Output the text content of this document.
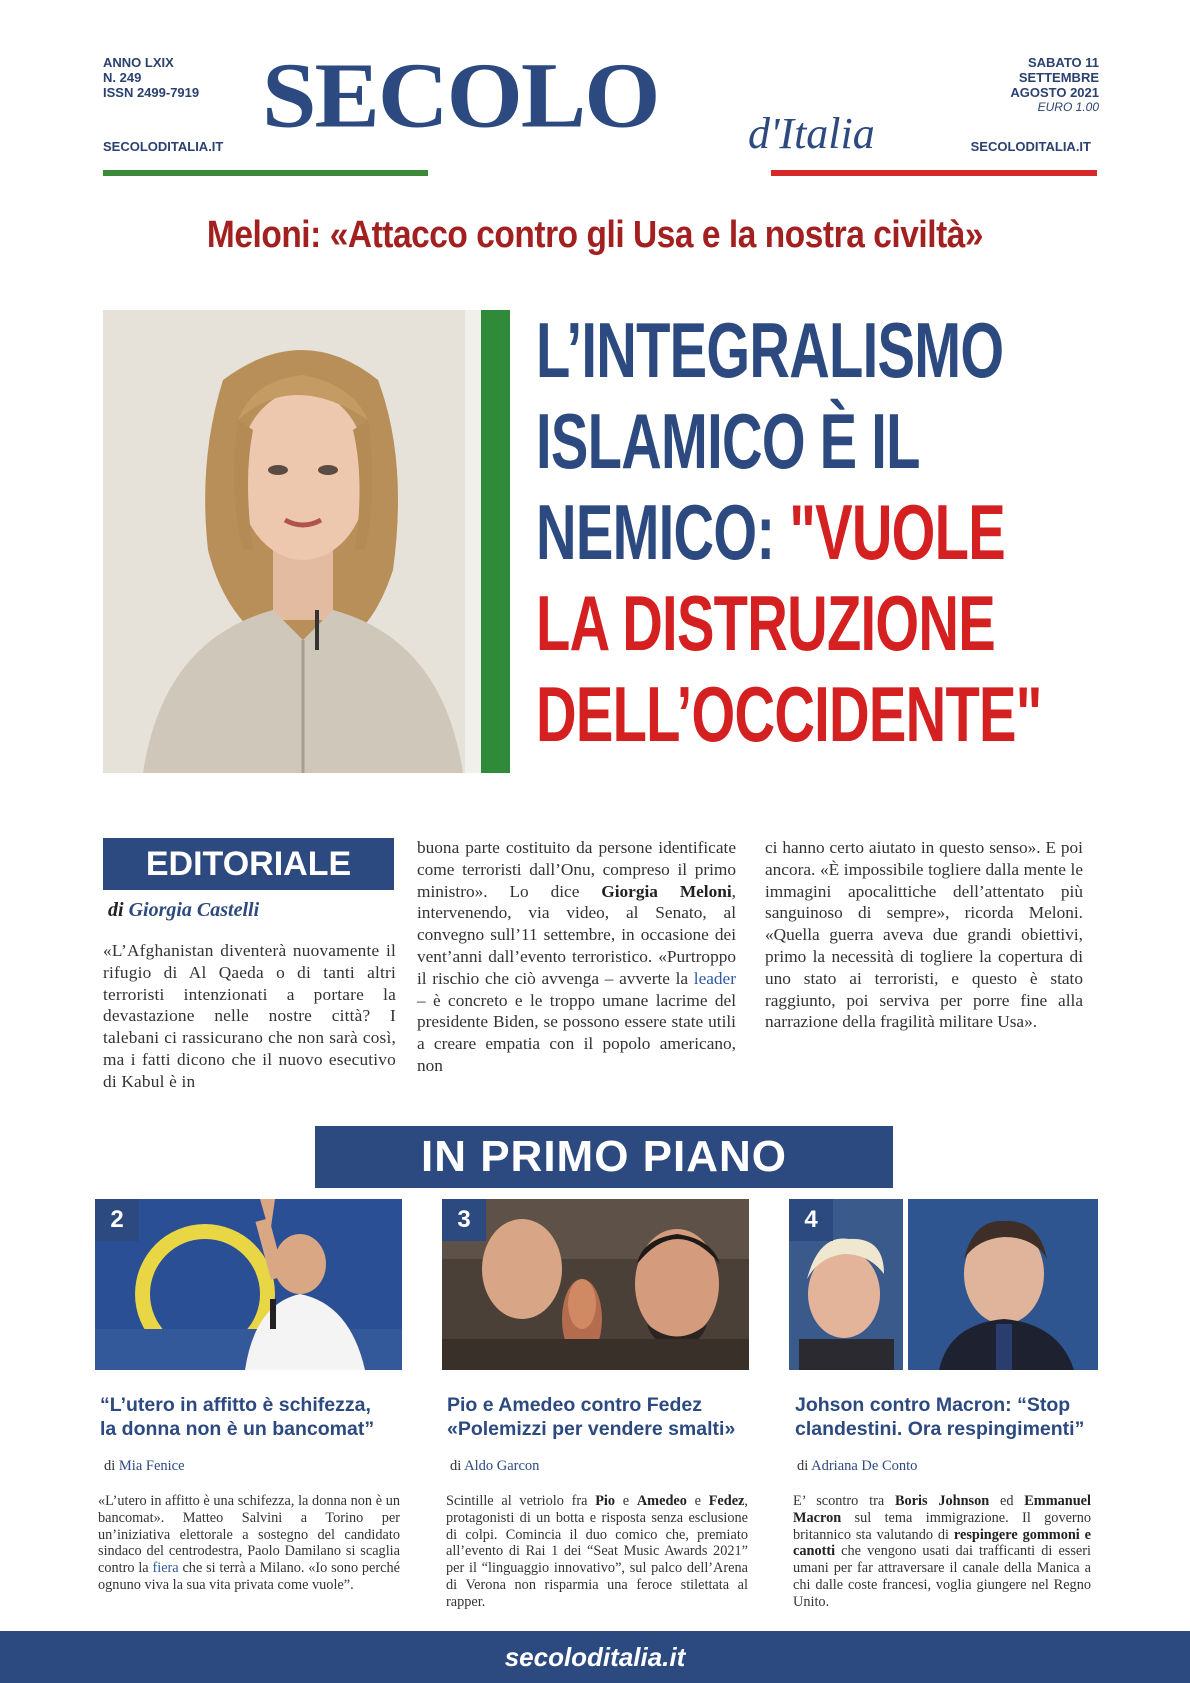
ANNO LXIX
N. 249
ISSN 2499-7919
SECOLODITALIA.IT SECOLO d'Italia
SABATO 11
SETTEMBRE
AGOSTO 2021
EURO 1.00
SECOLODITALIA.IT
Meloni: «Attacco contro gli Usa e la nostra civiltà»
L’INTEGRALISMO
ISLAMICO È IL
NEMICO: "VUOLE
LA DISTRUZIONE
DELL’OCCIDENTE"
EDITORIALE
di Giorgia Castelli
«L’Afghanistan diventerà nuovamente il rifugio di Al Qaeda o di tanti altri terroristi intenzionati a portare la devastazione nelle nostre città? I talebani ci rassicurano che non sarà così, ma i fatti dicono che il nuovo esecutivo di Kabul è in
buona parte costituito da persone identificate come terroristi dall’Onu, compreso il primo ministro». Lo dice Giorgia Meloni, intervenendo, via video, al Senato, al convegno sull’11 settembre, in occasione dei vent’anni dall’evento terroristico. «Purtroppo il rischio che ciò avvenga – avverte la leader – è concreto e le troppo umane lacrime del presidente Biden, se possono essere state utili a creare empatia con il popolo americano, non
ci hanno certo aiutato in questo senso». E poi ancora. «È impossibile togliere dalla mente le immagini apocalittiche dell’attentato più sanguinoso di sempre», ricorda Meloni. «Quella guerra aveva due grandi obiettivi, primo la necessità di togliere la copertura di uno stato ai terroristi, e questo è stato raggiunto, poi serviva per porre fine alla narrazione della fragilità militare Usa».
IN PRIMO PIANO
2
“L’utero in affitto è schifezza,
la donna non è un bancomat”
di Mia Fenice
«L’utero in affitto è una schifezza, la donna non è un bancomat». Matteo Salvini a Torino per un’iniziativa elettorale a sostegno del candidato sindaco del centrodestra, Paolo Damilano si scaglia contro la fiera che si terrà a Milano. «Io sono perché ognuno viva la sua vita privata come vuole”.
3
Pio e Amedeo contro Fedez
«Polemizzi per vendere smalti»
di Aldo Garcon
Scintille al vetriolo fra Pio e Amedeo e Fedez, protagonisti di un botta e risposta senza esclusione di colpi. Comincia il duo comico che, premiato all’evento di Rai 1 dei “Seat Music Awards 2021” per il “linguaggio innovativo”, sul palco dell’Arena di Verona non risparmia una feroce stilettata al rapper.
4
Johson contro Macron: “Stop
clandestini. Ora respingimenti”
di Adriana De Conto
E’ scontro tra Boris Johnson ed Emmanuel Macron sul tema immigrazione. Il governo britannico sta valutando di respingere gommoni e canotti che vengono usati dai trafficanti di esseri umani per far attraversare il canale della Manica a chi dalle coste francesi, voglia giungere nel Regno Unito.
secoloditalia.it
